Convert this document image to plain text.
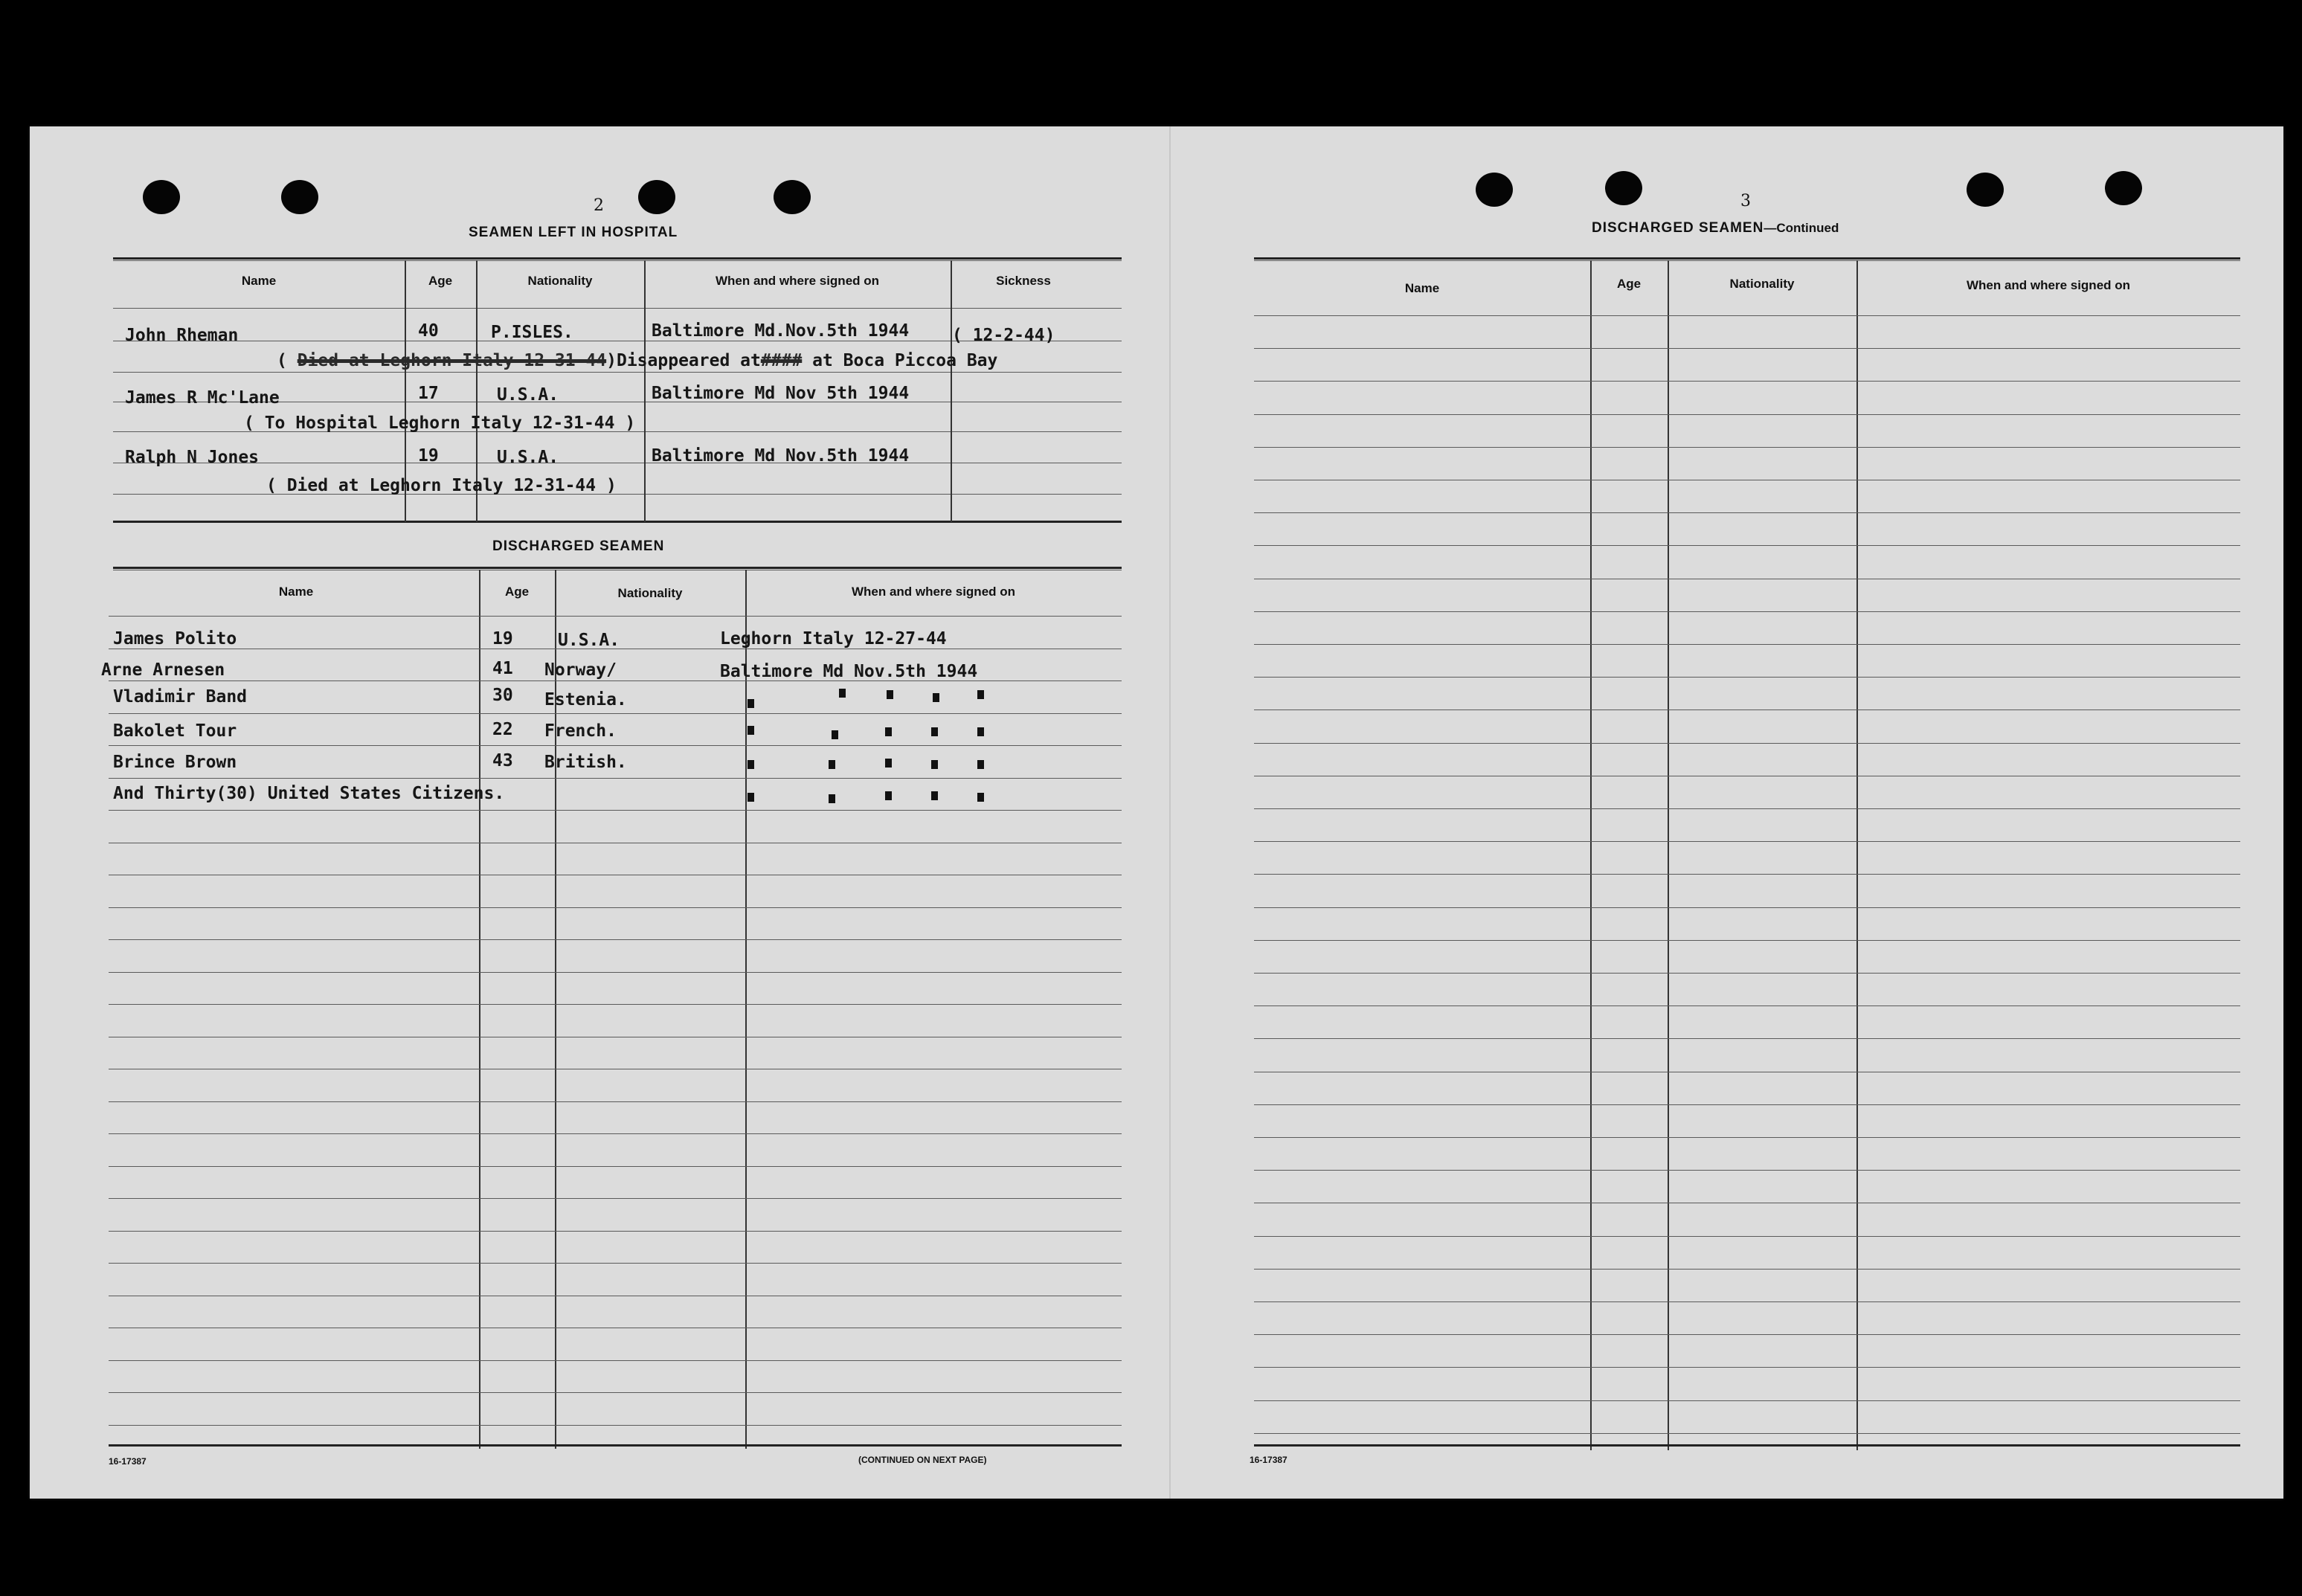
2
SEAMEN LEFT IN HOSPITAL
Name	Age	Nationality	When and where signed on	Sickness
John Rheman	40	P.ISLES.	Baltimore Md.Nov.5th 1944	( 12-2-44)
( Died at Leghorn Italy 12-31-44)Disappeared at#### at Boca Piccoa Bay
James R Mc'Lane	17	U.S.A.	Baltimore Md Nov 5th 1944
( To Hospital Leghorn Italy 12-31-44 )
Ralph N Jones	19	U.S.A.	Baltimore Md Nov.5th 1944
( Died at Leghorn Italy 12-31-44 )
DISCHARGED SEAMEN
Name	Age	Nationality	When and where signed on
James Polito	19	U.S.A.	Leghorn Italy 12-27-44
Arne Arnesen	41 Norway/	Baltimore Md Nov.5th 1944
Vladimir Band	30 Estenia.
Bakolet Tour	22 French.
Brince Brown	43 British.
And Thirty(30) United States Citizens.
16-17387	(CONTINUED ON NEXT PAGE)
3
DISCHARGED SEAMEN—Continued
Name	Age	Nationality	When and where signed on
16-17387
